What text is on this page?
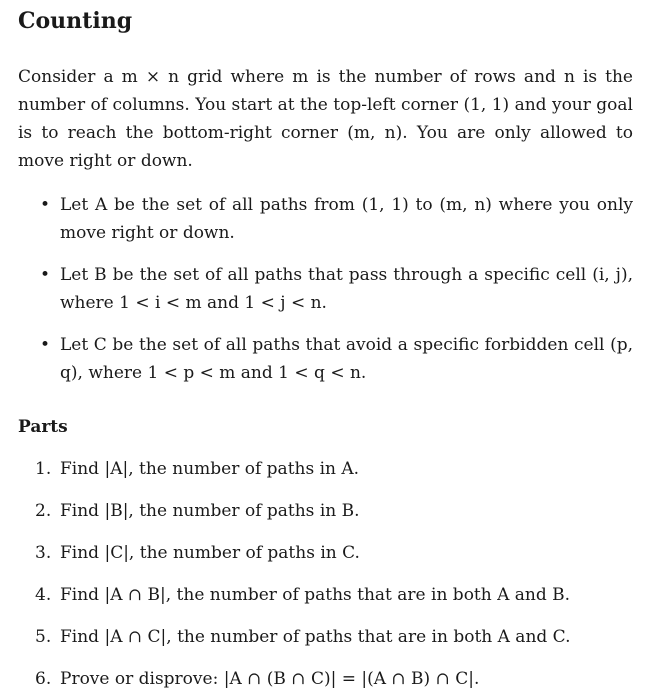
Counting

Consider a m × n grid where m is the number of rows and n is the number of columns. You start at the top-left corner (1, 1) and your goal is to reach the bottom-right corner (m, n). You are only allowed to move right or down.

• Let A be the set of all paths from (1, 1) to (m, n) where you only move right or down.
• Let B be the set of all paths that pass through a specific cell (i, j), where 1 < i < m and 1 < j < n.
• Let C be the set of all paths that avoid a specific forbidden cell (p, q), where 1 < p < m and 1 < q < n.
Parts
1. Find |A|, the number of paths in A.
2. Find |B|, the number of paths in B.
3. Find |C|, the number of paths in C.
4. Find |A ∩ B|, the number of paths that are in both A and B.
5. Find |A ∩ C|, the number of paths that are in both A and C.
6. Prove or disprove: |A ∩ (B ∩ C)| = |(A ∩ B) ∩ C|.
